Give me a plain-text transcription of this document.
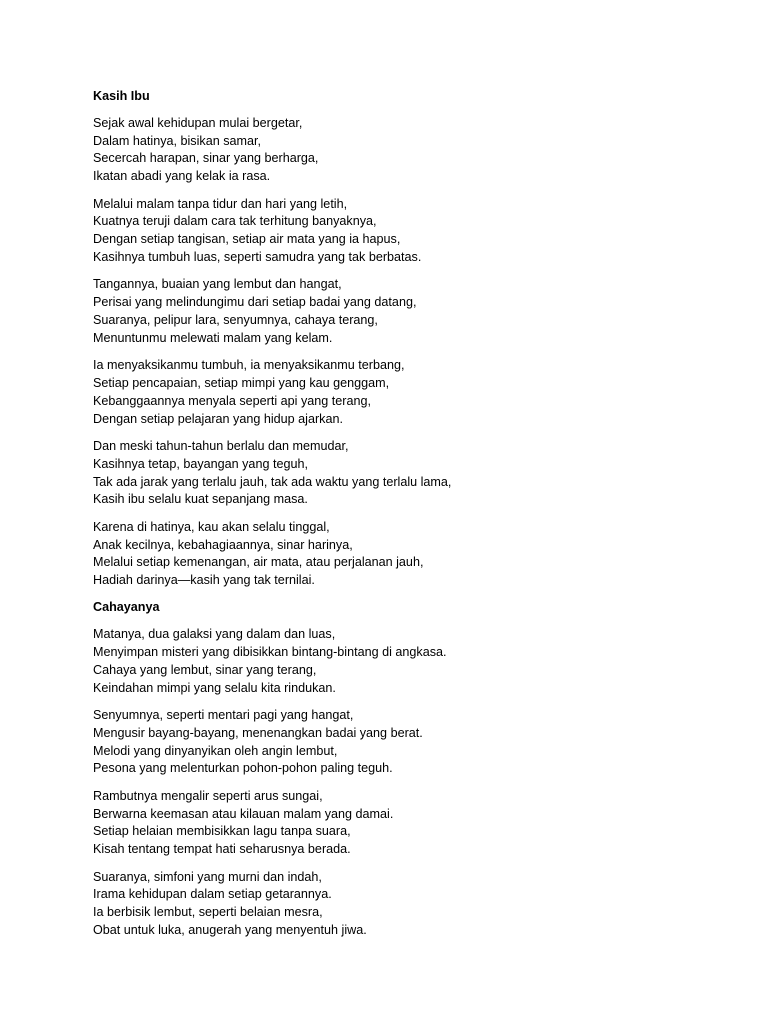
Kasih Ibu
Sejak awal kehidupan mulai bergetar,
Dalam hatinya, bisikan samar,
Secercah harapan, sinar yang berharga,
Ikatan abadi yang kelak ia rasa.
Melalui malam tanpa tidur dan hari yang letih,
Kuatnya teruji dalam cara tak terhitung banyaknya,
Dengan setiap tangisan, setiap air mata yang ia hapus,
Kasihnya tumbuh luas, seperti samudra yang tak berbatas.
Tangannya, buaian yang lembut dan hangat,
Perisai yang melindungimu dari setiap badai yang datang,
Suaranya, pelipur lara, senyumnya, cahaya terang,
Menuntunmu melewati malam yang kelam.
Ia menyaksikanmu tumbuh, ia menyaksikanmu terbang,
Setiap pencapaian, setiap mimpi yang kau genggam,
Kebanggaannya menyala seperti api yang terang,
Dengan setiap pelajaran yang hidup ajarkan.
Dan meski tahun-tahun berlalu dan memudar,
Kasihnya tetap, bayangan yang teguh,
Tak ada jarak yang terlalu jauh, tak ada waktu yang terlalu lama,
Kasih ibu selalu kuat sepanjang masa.
Karena di hatinya, kau akan selalu tinggal,
Anak kecilnya, kebahagiaannya, sinar harinya,
Melalui setiap kemenangan, air mata, atau perjalanan jauh,
Hadiah darinya—kasih yang tak ternilai.
Cahayanya
Matanya, dua galaksi yang dalam dan luas,
Menyimpan misteri yang dibisikkan bintang-bintang di angkasa.
Cahaya yang lembut, sinar yang terang,
Keindahan mimpi yang selalu kita rindukan.
Senyumnya, seperti mentari pagi yang hangat,
Mengusir bayang-bayang, menenangkan badai yang berat.
Melodi yang dinyanyikan oleh angin lembut,
Pesona yang melenturkan pohon-pohon paling teguh.
Rambutnya mengalir seperti arus sungai,
Berwarna keemasan atau kilauan malam yang damai.
Setiap helaian membisikkan lagu tanpa suara,
Kisah tentang tempat hati seharusnya berada.
Suaranya, simfoni yang murni dan indah,
Irama kehidupan dalam setiap getarannya.
Ia berbisik lembut, seperti belaian mesra,
Obat untuk luka, anugerah yang menyentuh jiwa.
